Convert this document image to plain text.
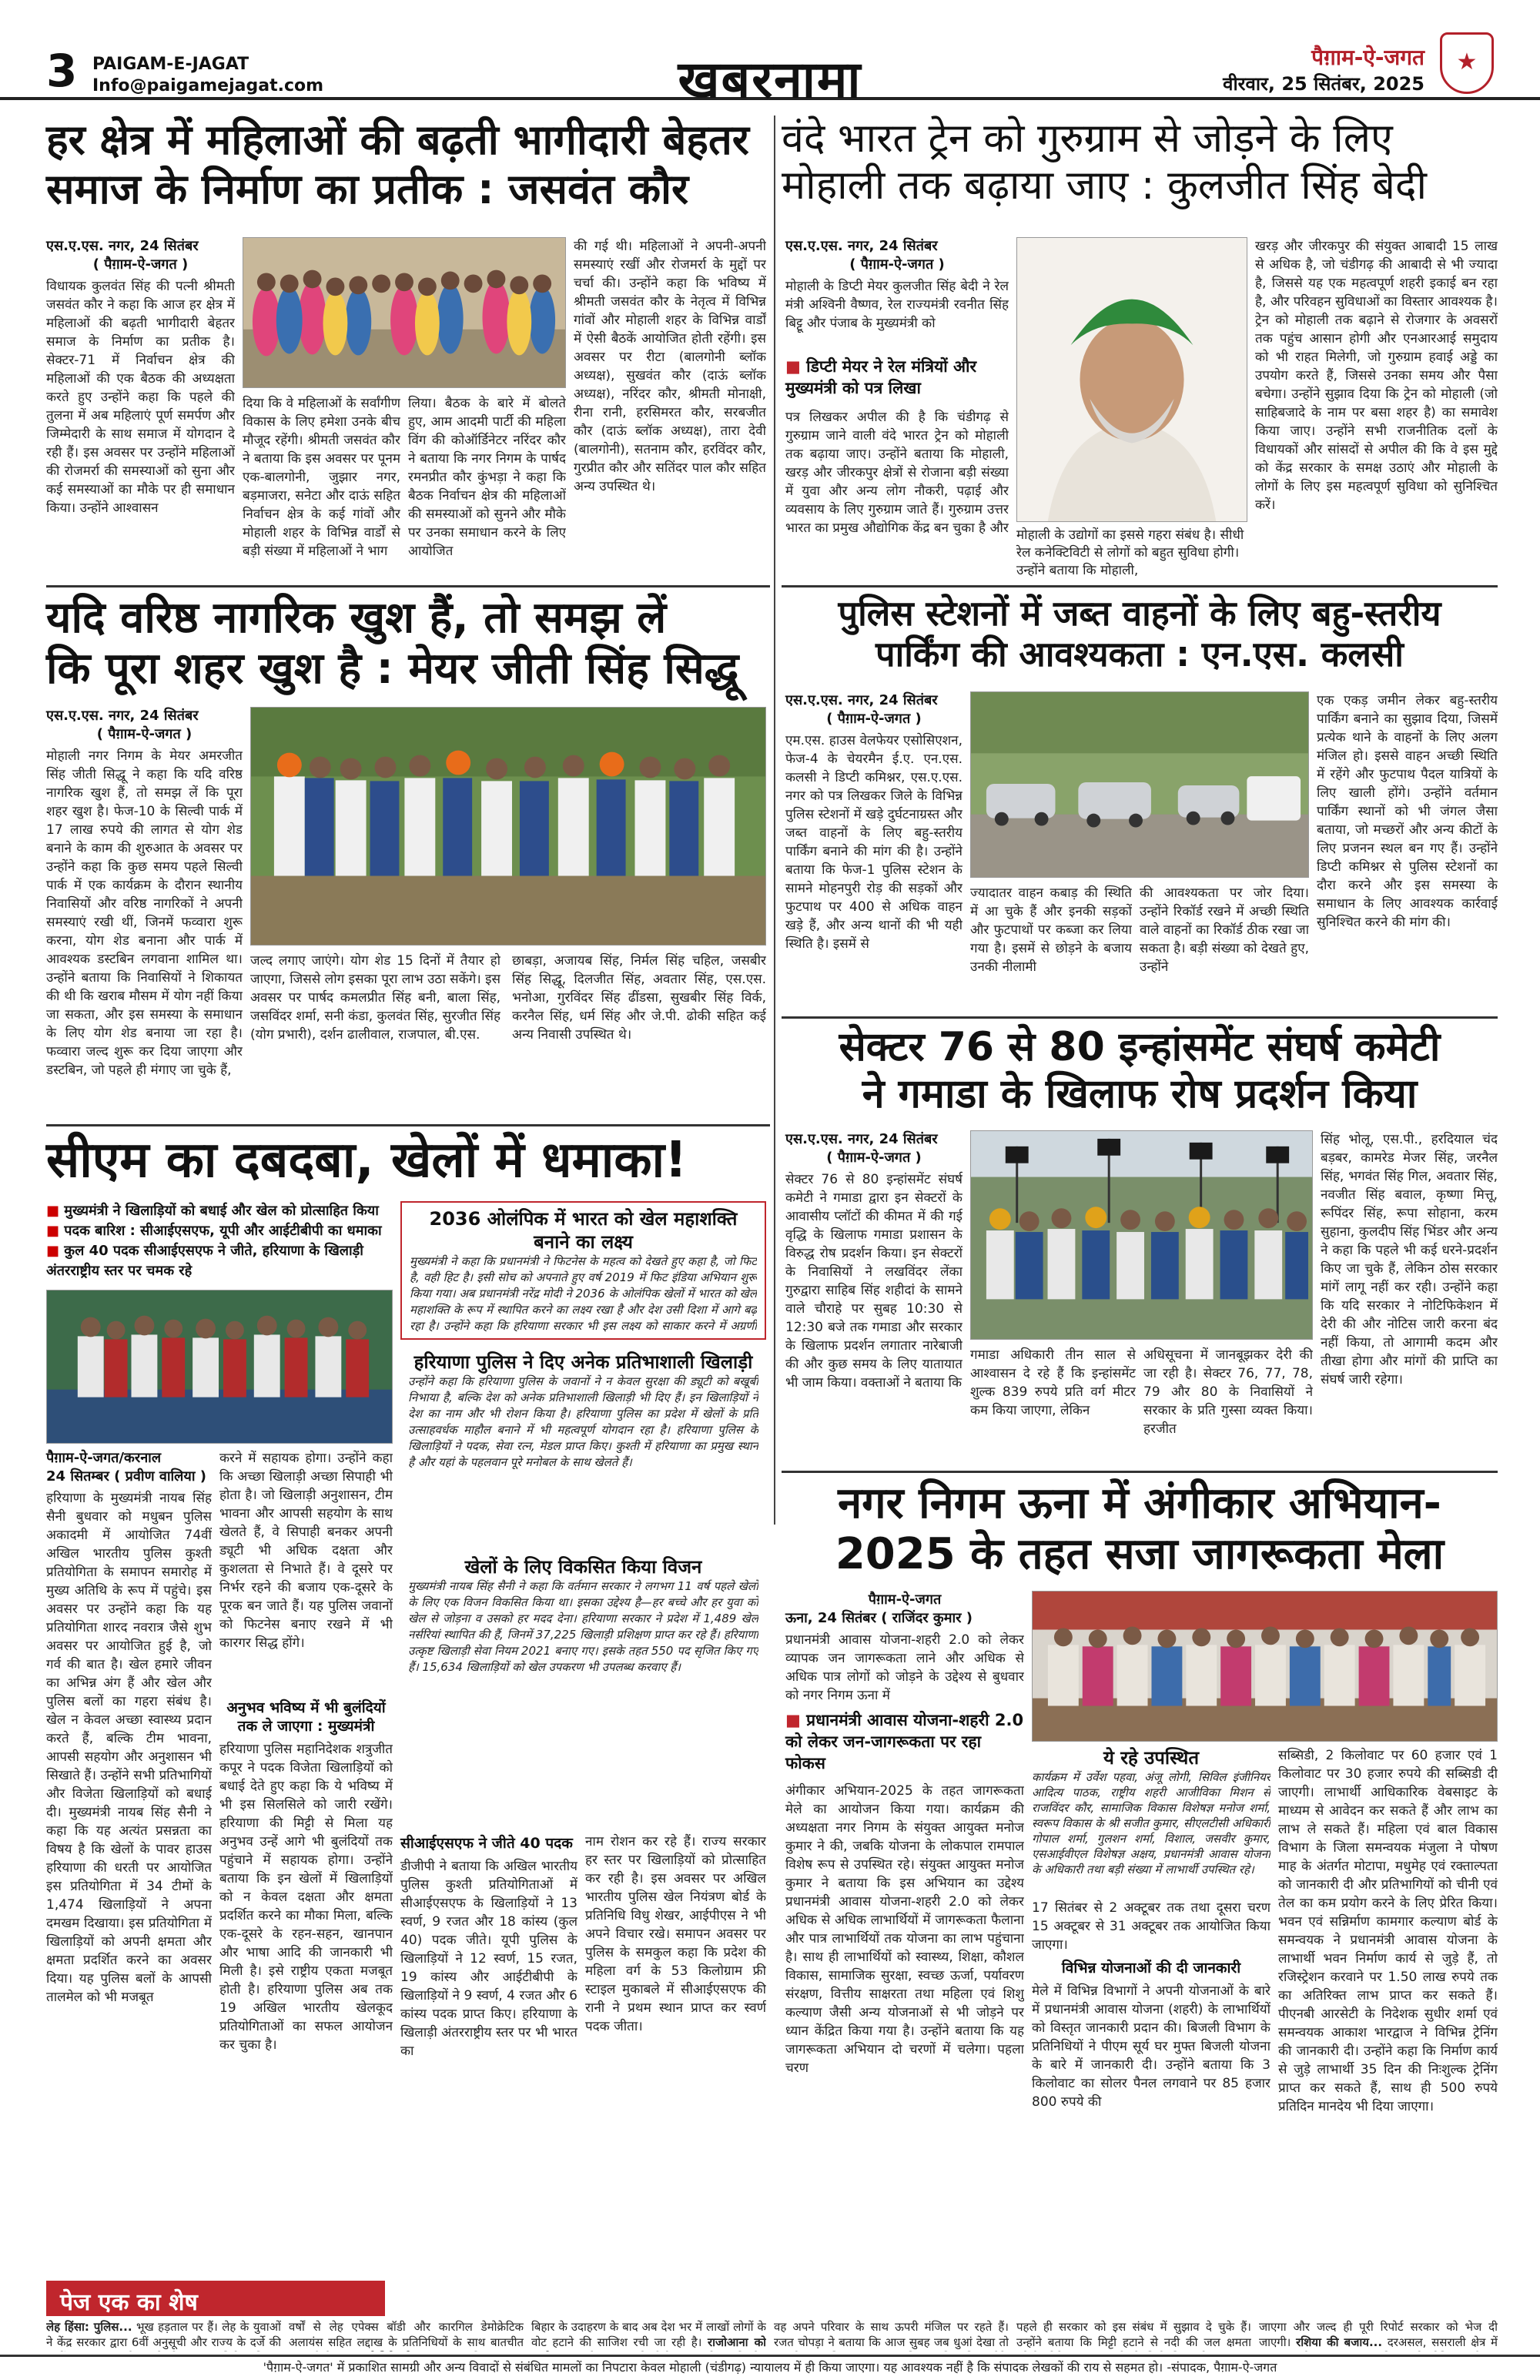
3 PAIGAM-E-JAGAT
Info@paigamejagat.com	खबरनामा	पैग़ाम-ऐ-जगत
वीरवार, 25 सितंबर, 2025
★
हर क्षेत्र में महिलाओं की बढ़ती भागीदारी बेहतर
समाज के निर्माण का प्रतीक : जसवंत कौर
एस.ए.एस. नगर, 24 सितंबर
( पैग़ाम-ऐ-जगत )
विधायक कुलवंत सिंह की पत्नी श्रीमती जसवंत कौर ने कहा कि आज हर क्षेत्र में महिलाओं की बढ़ती भागीदारी बेहतर समाज के निर्माण का प्रतीक है। सेक्टर-71 में निर्वाचन क्षेत्र की महिलाओं की एक बैठक की अध्यक्षता करते हुए उन्होंने कहा कि पहले की तुलना में अब महिलाएं पूर्ण समर्पण और जिम्मेदारी के साथ समाज में योगदान दे रही हैं। इस अवसर पर उन्होंने महिलाओं की रोजमर्रा की समस्याओं को सुना और कई समस्याओं का मौके पर ही समाधान किया। उन्होंने आश्वासन
दिया कि वे महिलाओं के सर्वांगीण विकास के लिए हमेशा उनके बीच मौजूद रहेंगी। श्रीमती जसवंत कौर ने बताया कि इस अवसर पर पूनम एक-बालगोनी, जुझार नगर, बड़माजरा, सनेटा और दाऊं सहित निर्वाचन क्षेत्र के कई गांवों और मोहाली शहर के विभिन्न वार्डों से बड़ी संख्या में महिलाओं ने भाग
लिया। बैठक के बारे में बोलते हुए, आम आदमी पार्टी की महिला विंग की कोऑर्डिनेटर नरिंदर कौर ने बताया कि नगर निगम के पार्षद रमनप्रीत कौर कुंभड़ा ने कहा कि बैठक निर्वाचन क्षेत्र की महिलाओं की समस्याओं को सुनने और मौके पर उनका समाधान करने के लिए आयोजित
की गई थी। महिलाओं ने अपनी-अपनी समस्याएं रखीं और रोजमर्रा के मुद्दों पर चर्चा की। उन्होंने कहा कि भविष्य में श्रीमती जसवंत कौर के नेतृत्व में विभिन्न गांवों और मोहाली शहर के विभिन्न वार्डों में ऐसी बैठकें आयोजित होती रहेंगी। इस अवसर पर रीटा (बालगोनी ब्लॉक अध्यक्ष), सुखवंत कौर (दाऊं ब्लॉक अध्यक्ष), नरिंदर कौर, श्रीमती मोनाक्षी, रीना रानी, हरसिमरत कौर, सरबजीत कौर (दाऊं ब्लॉक अध्यक्ष), तारा देवी (बालगोनी), सतनाम कौर, हरविंदर कौर, गुरप्रीत कौर और सतिंदर पाल कौर सहित अन्य उपस्थित थे।
वंदे भारत ट्रेन को गुरुग्राम से जोड़ने के लिए
मोहाली तक बढ़ाया जाए : कुलजीत सिंह बेदी
एस.ए.एस. नगर, 24 सितंबर
( पैग़ाम-ऐ-जगत )
मोहाली के डिप्टी मेयर कुलजीत सिंह बेदी ने रेल मंत्री अश्विनी वैष्णव, रेल राज्यमंत्री रवनीत सिंह बिट्टू और पंजाब के मुख्यमंत्री को
■ डिप्टी मेयर ने रेल मंत्रियों और मुख्यमंत्री को पत्र लिखा
पत्र लिखकर अपील की है कि चंडीगढ़ से गुरुग्राम जाने वाली वंदे भारत ट्रेन को मोहाली तक बढ़ाया जाए। उन्होंने बताया कि मोहाली, खरड़ और जीरकपुर क्षेत्रों से रोजाना बड़ी संख्या में युवा और अन्य लोग नौकरी, पढ़ाई और व्यवसाय के लिए गुरुग्राम जाते हैं। गुरुग्राम उत्तर भारत का प्रमुख औद्योगिक केंद्र बन चुका है और मोहाली के उद्योगों का इससे गहरा संबंध है। सीधी रेल कनेक्टिविटी से लोगों को बहुत सुविधा होगी। उन्होंने बताया कि मोहाली,
खरड़ और जीरकपुर की संयुक्त आबादी 15 लाख से अधिक है, जो चंडीगढ़ की आबादी से भी ज्यादा है, जिससे यह एक महत्वपूर्ण शहरी इकाई बन रहा है, और परिवहन सुविधाओं का विस्तार आवश्यक है। ट्रेन को मोहाली तक बढ़ाने से रोजगार के अवसरों तक पहुंच आसान होगी और एनआरआई समुदाय को भी राहत मिलेगी, जो गुरुग्राम हवाई अड्डे का उपयोग करते हैं, जिससे उनका समय और पैसा बचेगा। उन्होंने सुझाव दिया कि ट्रेन को मोहाली (जो साहिबजादे के नाम पर बसा शहर है) का समावेश किया जाए। उन्होंने सभी राजनीतिक दलों के विधायकों और सांसदों से अपील की कि वे इस मुद्दे को केंद्र सरकार के समक्ष उठाएं और मोहाली के लोगों के लिए इस महत्वपूर्ण सुविधा को सुनिश्चित करें।
यदि वरिष्ठ नागरिक खुश हैं, तो समझ लें
कि पूरा शहर खुश है : मेयर जीती सिंह सिद्धू
एस.ए.एस. नगर, 24 सितंबर
( पैग़ाम-ऐ-जगत )
मोहाली नगर निगम के मेयर अमरजीत सिंह जीती सिद्धू ने कहा कि यदि वरिष्ठ नागरिक खुश हैं, तो समझ लें कि पूरा शहर खुश है। फेज-10 के सिल्वी पार्क में 17 लाख रुपये की लागत से योग शेड बनाने के काम की शुरुआत के अवसर पर उन्होंने कहा कि कुछ समय पहले सिल्वी पार्क में एक कार्यक्रम के दौरान स्थानीय निवासियों और वरिष्ठ नागरिकों ने अपनी समस्याएं रखी थीं, जिनमें फव्वारा शुरू करना, योग शेड बनाना और पार्क में आवश्यक डस्टबिन लगवाना शामिल था। उन्होंने बताया कि निवासियों ने शिकायत की थी कि खराब मौसम में योग नहीं किया जा सकता, और इस समस्या के समाधान के लिए योग शेड बनाया जा रहा है। फव्वारा जल्द शुरू कर दिया जाएगा और डस्टबिन, जो पहले ही मंगाए जा चुके हैं,
जल्द लगाए जाएंगे। योग शेड 15 दिनों में तैयार हो जाएगा, जिससे लोग इसका पूरा लाभ उठा सकेंगे। इस अवसर पर पार्षद कमलप्रीत सिंह बनी, बाला सिंह, जसविंदर शर्मा, सनी कंडा, कुलवंत सिंह, सुरजीत सिंह (योग प्रभारी), दर्शन ढालीवाल, राजपाल, बी.एस.
छाबड़ा, अजायब सिंह, निर्मल सिंह चहिल, जसबीर सिंह सिद्धू, दिलजीत सिंह, अवतार सिंह, एस.एस. भनोआ, गुरविंदर सिंह ढींडसा, सुखबीर सिंह विर्क, करनैल सिंह, धर्म सिंह और जे.पी. ढोकी सहित कई अन्य निवासी उपस्थित थे।
पुलिस स्टेशनों में जब्त वाहनों के लिए बहु-स्तरीय
पार्किंग की आवश्यकता : एन.एस. कलसी
एस.ए.एस. नगर, 24 सितंबर
( पैग़ाम-ऐ-जगत )
एम.एस. हाउस वेलफेयर एसोसिएशन, फेज-4 के चेयरमैन ई.ए. एन.एस. कलसी ने डिप्टी कमिश्नर, एस.ए.एस. नगर को पत्र लिखकर जिले के विभिन्न पुलिस स्टेशनों में खड़े दुर्घटनाग्रस्त और जब्त वाहनों के लिए बहु-स्तरीय पार्किंग बनाने की मांग की है। उन्होंने बताया कि फेज-1 पुलिस स्टेशन के सामने मोहनपुरी रोड़ की सड़कों और फुटपाथ पर 400 से अधिक वाहन खड़े हैं, और अन्य थानों की भी यही स्थिति है। इसमें से
ज्यादातर वाहन कबाड़ की स्थिति में आ चुके हैं और इनकी सड़कों और फुटपाथों पर कब्जा कर लिया गया है। इसमें से छोड़ने के बजाय उनकी नीलामी
की आवश्यकता पर जोर दिया। उन्होंने रिकॉर्ड रखने में अच्छी स्थिति वाले वाहनों का रिकॉर्ड ठीक रखा जा सकता है। बड़ी संख्या को देखते हुए, उन्होंने
एक एकड़ जमीन लेकर बहु-स्तरीय पार्किंग बनाने का सुझाव दिया, जिसमें प्रत्येक थाने के वाहनों के लिए अलग मंजिल हो। इससे वाहन अच्छी स्थिति में रहेंगे और फुटपाथ पैदल यात्रियों के लिए खाली होंगे। उन्होंने वर्तमान पार्किंग स्थानों को भी जंगल जैसा बताया, जो मच्छरों और अन्य कीटों के लिए प्रजनन स्थल बन गए हैं। उन्होंने डिप्टी कमिश्नर से पुलिस स्टेशनों का दौरा करने और इस समस्या के समाधान के लिए आवश्यक कार्रवाई सुनिश्चित करने की मांग की।
सीएम का दबदबा, खेलों में धमाका!
■ मुख्यमंत्री ने खिलाड़ियों को बधाई और खेल को प्रोत्साहित किया
■ पदक बारिश : सीआईएसएफ, यूपी और आईटीबीपी का धमाका
■ कुल 40 पदक सीआईएसएफ ने जीते, हरियाणा के खिलाड़ी अंतरराष्ट्रीय स्तर पर चमक रहे
पैग़ाम-ऐ-जगत/करनाल
24 सितम्बर ( प्रवीण वालिया )
हरियाणा के मुख्यमंत्री नायब सिंह सैनी बुधवार को मधुबन पुलिस अकादमी में आयोजित 74वीं अखिल भारतीय पुलिस कुश्ती प्रतियोगिता के समापन समारोह में मुख्य अतिथि के रूप में पहुंचे। इस अवसर पर उन्होंने कहा कि यह प्रतियोगिता शारद नवरात्र जैसे शुभ अवसर पर आयोजित हुई है, जो गर्व की बात है। खेल हमारे जीवन का अभिन्न अंग हैं और खेल और पुलिस बलों का गहरा संबंध है। खेल न केवल अच्छा स्वास्थ्य प्रदान करते हैं, बल्कि टीम भावना, आपसी सहयोग और अनुशासन भी सिखाते हैं। उन्होंने सभी प्रतिभागियों और विजेता खिलाड़ियों को बधाई दी। मुख्यमंत्री नायब सिंह सैनी ने कहा कि यह अत्यंत प्रसन्नता का विषय है कि खेलों के पावर हाउस हरियाणा की धरती पर आयोजित इस प्रतियोगिता में 34 टीमों के 1,474 खिलाड़ियों ने अपना दमखम दिखाया। इस प्रतियोगिता में खिलाड़ियों को अपनी क्षमता और क्षमता प्रदर्शित करने का अवसर दिया। यह पुलिस बलों के आपसी तालमेल को भी मजबूत
करने में सहायक होगा। उन्होंने कहा कि अच्छा खिलाड़ी अच्छा सिपाही भी होता है। जो खिलाड़ी अनुशासन, टीम भावना और आपसी सहयोग के साथ खेलते हैं, वे सिपाही बनकर अपनी ड्यूटी भी अधिक दक्षता और कुशलता से निभाते हैं। वे दूसरे पर निर्भर रहने की बजाय एक-दूसरे के पूरक बन जाते हैं। यह पुलिस जवानों को फिटनेस बनाए रखने में भी कारगर सिद्ध होंगे।
अनुभव भविष्य में भी बुलंदियों तक ले जाएगा : मुख्यमंत्री
हरियाणा पुलिस महानिदेशक शत्रुजीत कपूर ने पदक विजेता खिलाड़ियों को बधाई देते हुए कहा कि ये भविष्य में भी इस सिलसिले को जारी रखेंगे। हरियाणा की मिट्टी से मिला यह अनुभव उन्हें आगे भी बुलंदियों तक पहुंचाने में सहायक होगा। उन्होंने बताया कि इन खेलों में खिलाड़ियों को न केवल दक्षता और क्षमता प्रदर्शित करने का मौका मिला, बल्कि एक-दूसरे के रहन-सहन, खानपान और भाषा आदि की जानकारी भी मिली है। इसे राष्ट्रीय एकता मजबूत होती है। हरियाणा पुलिस अब तक 19 अखिल भारतीय खेलकूद प्रतियोगिताओं का सफल आयोजन कर चुका है।
2036 ओलंपिक में भारत को खेल महाशक्ति बनाने का लक्ष्य
मुख्यमंत्री ने कहा कि प्रधानमंत्री ने फिटनेस के महत्व को देखते हुए कहा है, जो फिट है, वही हिट है। इसी सोच को अपनाते हुए वर्ष 2019 में फिट इंडिया अभियान शुरू किया गया। अब प्रधानमंत्री नरेंद्र मोदी ने 2036 के ओलंपिक खेलों में भारत को खेल महाशक्ति के रूप में स्थापित करने का लक्ष्य रखा है और देश उसी दिशा में आगे बढ़ रहा है। उन्होंने कहा कि हरियाणा सरकार भी इस लक्ष्य को साकार करने में अग्रणी
हरियाणा पुलिस ने दिए अनेक प्रतिभाशाली खिलाड़ी
उन्होंने कहा कि हरियाणा पुलिस के जवानों ने न केवल सुरक्षा की ड्यूटी को बखूबी निभाया है, बल्कि देश को अनेक प्रतिभाशाली खिलाड़ी भी दिए हैं। इन खिलाड़ियों ने देश का नाम और भी रोशन किया है। हरियाणा पुलिस का प्रदेश में खेलों के प्रति उत्साहवर्धक माहौल बनाने में भी महत्वपूर्ण योगदान रहा है। हरियाणा पुलिस के खिलाड़ियों ने पदक, सेवा रत्न, मेडल प्राप्त किए। कुश्ती में हरियाणा का प्रमुख स्थान है और यहां के पहलवान पूरे मनोबल के साथ खेलते हैं।
खेलों के लिए विकसित किया विजन
मुख्यमंत्री नायब सिंह सैनी ने कहा कि वर्तमान सरकार ने लगभग 11 वर्ष पहले खेलों के लिए एक विजन विकसित किया था। इसका उद्देश्य है—हर बच्चे और हर युवा को खेल से जोड़ना व उसको हर मदद देना। हरियाणा सरकार ने प्रदेश में 1,489 खेल नर्सरियां स्थापित की हैं, जिनमें 37,225 खिलाड़ी प्रशिक्षण प्राप्त कर रहे हैं। हरियाणा उत्कृष्ट खिलाड़ी सेवा नियम 2021 बनाए गए। इसके तहत 550 पद सृजित किए गए हैं। 15,634 खिलाड़ियों को खेल उपकरण भी उपलब्ध करवाए हैं।
सीआईएसएफ ने जीते 40 पदक
डीजीपी ने बताया कि अखिल भारतीय पुलिस कुश्ती प्रतियोगिताओं में सीआईएसएफ के खिलाड़ियों ने 13 स्वर्ण, 9 रजत और 18 कांस्य (कुल 40) पदक जीते। यूपी पुलिस के खिलाड़ियों ने 12 स्वर्ण, 15 रजत, 19 कांस्य और आईटीबीपी के खिलाड़ियों ने 9 स्वर्ण, 4 रजत और 6 कांस्य पदक प्राप्त किए। हरियाणा के खिलाड़ी अंतरराष्ट्रीय स्तर पर भी भारत का
नाम रोशन कर रहे हैं। राज्य सरकार हर स्तर पर खिलाड़ियों को प्रोत्साहित कर रही है। इस अवसर पर अखिल भारतीय पुलिस खेल नियंत्रण बोर्ड के प्रतिनिधि विधु शेखर, आईपीएस ने भी अपने विचार रखे। समापन अवसर पर पुलिस के समकुल कहा कि प्रदेश की महिला वर्ग के 53 किलोग्राम फ्री स्टाइल मुकाबले में सीआईएसएफ की रानी ने प्रथम स्थान प्राप्त कर स्वर्ण पदक जीता।
सेक्टर 76 से 80 इन्हांसमेंट संघर्ष कमेटी
ने गमाडा के खिलाफ रोष प्रदर्शन किया
एस.ए.एस. नगर, 24 सितंबर
( पैग़ाम-ऐ-जगत )
सेक्टर 76 से 80 इन्हांसमेंट संघर्ष कमेटी ने गमाडा द्वारा इन सेक्टरों के आवासीय प्लॉटों की कीमत में की गई वृद्धि के खिलाफ गमाडा प्रशासन के विरुद्ध रोष प्रदर्शन किया। इन सेक्टरों के निवासियों ने लखविंदर लेंका गुरुद्वारा साहिब सिंह शहीदां के सामने वाले चौराहे पर सुबह 10:30 से 12:30 बजे तक गमाडा और सरकार के खिलाफ प्रदर्शन लगातार नारेबाजी की और कुछ समय के लिए यातायात भी जाम किया। वक्ताओं ने बताया कि
गमाडा अधिकारी तीन साल से आश्वासन दे रहे हैं कि इन्हांसमेंट शुल्क 839 रुपये प्रति वर्ग मीटर कम किया जाएगा, लेकिन
अधिसूचना में जानबूझकर देरी की जा रही है। सेक्टर 76, 77, 78, 79 और 80 के निवासियों ने सरकार के प्रति गुस्सा व्यक्त किया। हरजीत
सिंह भोलू, एस.पी., हरदियाल चंद बड़बर, कामरेड मेजर सिंह, जरनैल सिंह, भगवंत सिंह गिल, अवतार सिंह, नवजीत सिंह बवाल, कृष्णा मित्तू, रूपिंदर सिंह, रूपा सोहाना, करम सुहाना, कुलदीप सिंह भिंडर और अन्य ने कहा कि पहले भी कई धरने-प्रदर्शन किए जा चुके हैं, लेकिन ठोस सरकार मांगें लागू नहीं कर रही। उन्होंने कहा कि यदि सरकार ने नोटिफिकेशन में देरी की और नोटिस जारी करना बंद नहीं किया, तो आगामी कदम और तीखा होगा और मांगों की प्राप्ति का संघर्ष जारी रहेगा।
नगर निगम ऊना में अंगीकार अभियान-
2025 के तहत सजा जागरूकता मेला
पैग़ाम-ऐ-जगत
ऊना, 24 सितंबर ( राजिंदर कुमार )
प्रधानमंत्री आवास योजना-शहरी 2.0 को लेकर व्यापक जन जागरूकता लाने और अधिक से अधिक पात्र लोगों को जोड़ने के उद्देश्य से बुधवार को नगर निगम ऊना में
■ प्रधानमंत्री आवास योजना-शहरी 2.0 को लेकर जन-जागरूकता पर रहा फोकस
अंगीकार अभियान-2025 के तहत जागरूकता मेले का आयोजन किया गया। कार्यक्रम की अध्यक्षता नगर निगम के संयुक्त आयुक्त मनोज कुमार ने की, जबकि योजना के लोकपाल रामपाल विशेष रूप से उपस्थित रहे। संयुक्त आयुक्त मनोज कुमार ने बताया कि इस अभियान का उद्देश्य प्रधानमंत्री आवास योजना-शहरी 2.0 को लेकर अधिक से अधिक लाभार्थियों में जागरूकता फैलाना और पात्र लाभार्थियों तक योजना का लाभ पहुंचाना है। साथ ही लाभार्थियों को स्वास्थ्य, शिक्षा, कौशल विकास, सामाजिक सुरक्षा, स्वच्छ ऊर्जा, पर्यावरण संरक्षण, वित्तीय साक्षरता तथा महिला एवं शिशु कल्याण जैसी अन्य योजनाओं से भी जोड़ने पर ध्यान केंद्रित किया गया है। उन्होंने बताया कि यह जागरूकता अभियान दो चरणों में चलेगा। पहला चरण
ये रहे उपस्थित
कार्यक्रम में उर्वेश पहवा, अंजू लोगी, सिविल इंजीनियर आदित्य पाठक, राष्ट्रीय शहरी आजीविका मिशन से राजविंदर कौर, सामाजिक विकास विशेषज्ञ मनोज शर्मा, स्वरूप विकास के श्री सजीत कुमार, सीएलटीसी अधिकारी गोपाल शर्मा, गुलशन शर्मा, विशाल, जसवीर कुमार, एसआईवीएल विशेषज्ञ अक्षय, प्रधानमंत्री आवास योजना के अधिकारी तथा बड़ी संख्या में लाभार्थी उपस्थित रहे।
17 सितंबर से 2 अक्टूबर तक तथा दूसरा चरण 15 अक्टूबर से 31 अक्टूबर तक आयोजित किया जाएगा।
विभिन्न योजनाओं की दी जानकारी
मेले में विभिन्न विभागों ने अपनी योजनाओं के बारे में प्रधानमंत्री आवास योजना (शहरी) के लाभार्थियों को विस्तृत जानकारी प्रदान की। बिजली विभाग के प्रतिनिधियों ने पीएम सूर्य घर मुफ्त बिजली योजना के बारे में जानकारी दी। उन्होंने बताया कि 3 किलोवाट का सोलर पैनल लगवाने पर 85 हजार 800 रुपये की
सब्सिडी, 2 किलोवाट पर 60 हजार एवं 1 किलोवाट पर 30 हजार रुपये की सब्सिडी दी जाएगी। लाभार्थी आधिकारिक वेबसाइट के माध्यम से आवेदन कर सकते हैं और लाभ का लाभ ले सकते हैं। महिला एवं बाल विकास विभाग के जिला समन्वयक मंजुला ने पोषण माह के अंतर्गत मोटापा, मधुमेह एवं रक्ताल्पता को जानकारी दी और प्रतिभागियों को चीनी एवं तेल का कम प्रयोग करने के लिए प्रेरित किया। भवन एवं सन्निर्माण कामगार कल्याण बोर्ड के समन्वयक ने प्रधानमंत्री आवास योजना के लाभार्थी भवन निर्माण कार्य से जुड़े हैं, तो रजिस्ट्रेशन करवाने पर 1.50 लाख रुपये तक का अतिरिक्त लाभ प्राप्त कर सकते हैं। पीएनबी आरसेटी के निदेशक सुधीर शर्मा एवं समन्वयक आकाश भारद्वाज ने विभिन्न ट्रेनिंग की जानकारी दी। उन्होंने कहा कि निर्माण कार्य से जुड़े लाभार्थी 35 दिन की निःशुल्क ट्रेनिंग प्राप्त कर सकते हैं, साथ ही 500 रुपये प्रतिदिन मानदेय भी दिया जाएगा।
पेज एक का शेष
लेह हिंसा: पुलिस... भूख हड़ताल पर हैं। लेह के युवाओं ने केंद्र सरकार द्वारा 6वीं अनुसूची और राज्य के दर्जे की
वर्षों से लेह एपेक्स बॉडी और कारगिल डेमोक्रेटिक अलायंस सहित लद्दाख के प्रतिनिधियों के साथ बातचीत
बिहार के उदाहरण के बाद अब देश भर में लाखों लोगों के वोट हटाने की साजिश रची जा रही है। राजोआना को
वह अपने परिवार के साथ ऊपरी मंजिल पर रहते हैं। रजत चोपड़ा ने बताया कि आज सुबह जब धुआं देखा तो
पहले ही सरकार को इस संबंध में सुझाव दे चुके हैं। उन्होंने बताया कि मिट्टी हटाने से नदी की जल क्षमता
जाएगा और जल्द ही पूरी रिपोर्ट सरकार को भेज दी जाएगी। रशिया की बजाय... दरअसल, ससराली क्षेत्र में
'पैग़ाम-ऐ-जगत' में प्रकाशित सामग्री और अन्य विवादों से संबंधित मामलों का निपटारा केवल मोहाली (चंडीगढ़) न्यायालय में ही किया जाएगा। यह आवश्यक नहीं है कि संपादक लेखकों की राय से सहमत हो। -संपादक, पैग़ाम-ऐ-जगत
